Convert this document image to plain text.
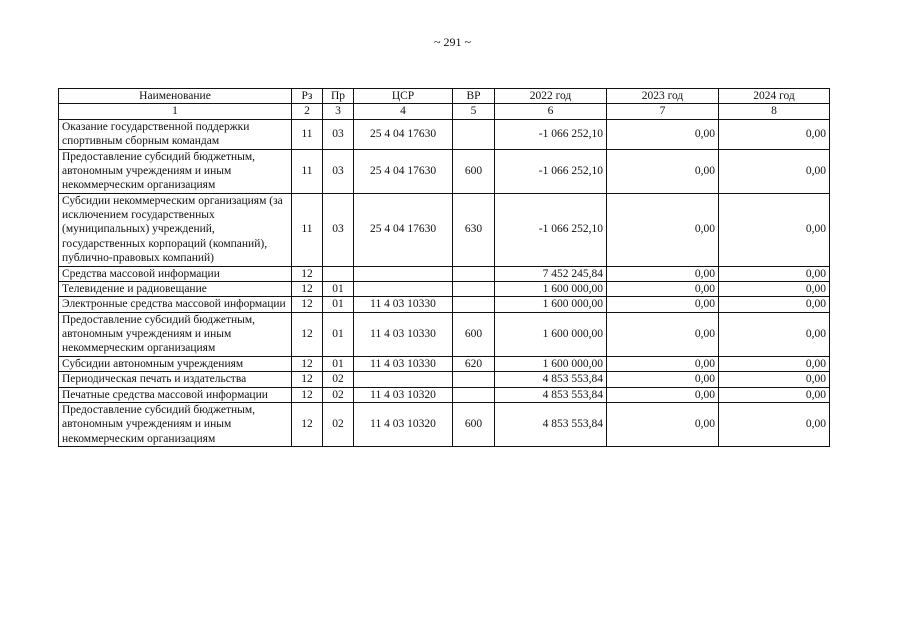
~ 291 ~
Наименование	Рз	Пр	ЦСР	ВР	2022 год	2023 год	2024 год
1	2	3	4	5	6	7	8
Оказание государственной поддержки спортивным сборным командам	11	03	25 4 04 17630		-1 066 252,10	0,00	0,00
Предоставление субсидий бюджетным, автономным учреждениям и иным некоммерческим организациям	11	03	25 4 04 17630	600	-1 066 252,10	0,00	0,00
Субсидии некоммерческим организациям (за исключением государственных (муниципальных) учреждений, государственных корпораций (компаний), публично-правовых компаний)	11	03	25 4 04 17630	630	-1 066 252,10	0,00	0,00
Средства массовой информации	12				7 452 245,84	0,00	0,00
Телевидение и радиовещание	12	01			1 600 000,00	0,00	0,00
Электронные средства массовой информации	12	01	11 4 03 10330		1 600 000,00	0,00	0,00
Предоставление субсидий бюджетным, автономным учреждениям и иным некоммерческим организациям	12	01	11 4 03 10330	600	1 600 000,00	0,00	0,00
Субсидии автономным учреждениям	12	01	11 4 03 10330	620	1 600 000,00	0,00	0,00
Периодическая печать и издательства	12	02			4 853 553,84	0,00	0,00
Печатные средства массовой информации	12	02	11 4 03 10320		4 853 553,84	0,00	0,00
Предоставление субсидий бюджетным, автономным учреждениям и иным некоммерческим организациям	12	02	11 4 03 10320	600	4 853 553,84	0,00	0,00
